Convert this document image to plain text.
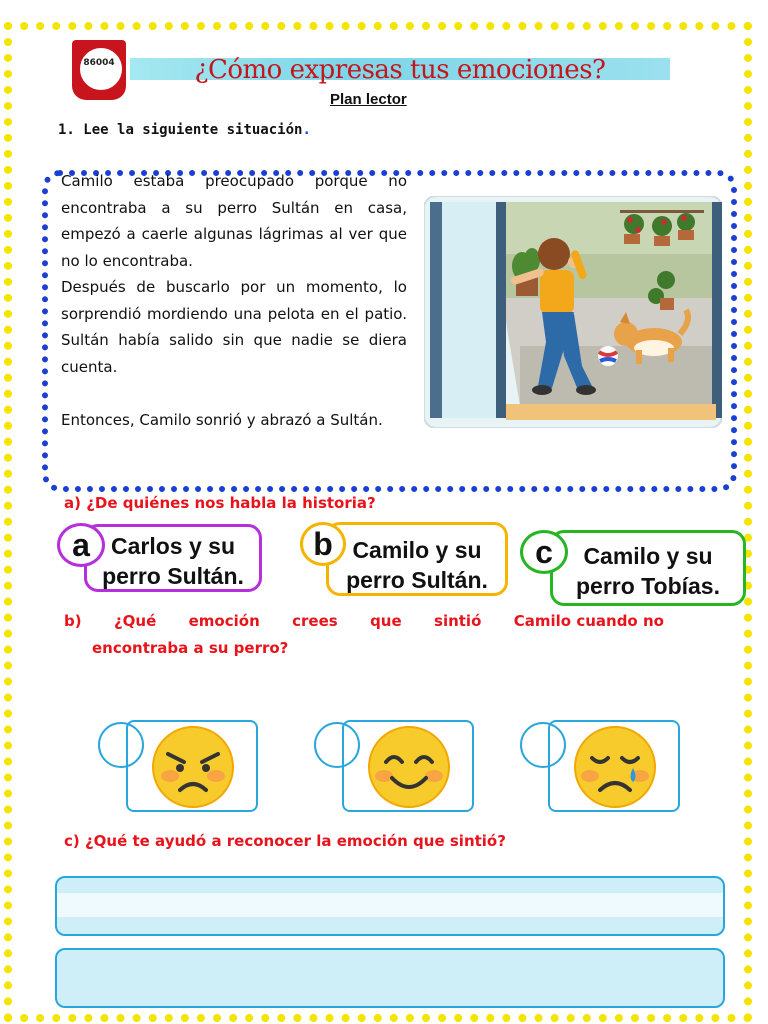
86004	¿Cómo expresas tus emociones?
Plan lector
1. Lee la siguiente situación.

Camilo estaba preocupado porque no encontraba a su perro Sultán en casa, empezó a caerle algunas lágrimas al ver que no lo encontraba.

Después de buscarlo por un momento, lo sorprendió mordiendo una pelota en el patio. Sultán había salido sin que nadie se diera cuenta.

Entonces, Camilo sonrió y abrazó a Sultán.

a) ¿De quiénes nos habla la historia?
Carlos y su
perro Sultán.
a	Camilo y su
perro Sultán.
b	Camilo y su
perro Tobías.
c
b) ¿Qué emoción crees que sintió Camilo cuando no
encontraba a su perro?
c) ¿Qué te ayudó a reconocer la emoción que sintió?
